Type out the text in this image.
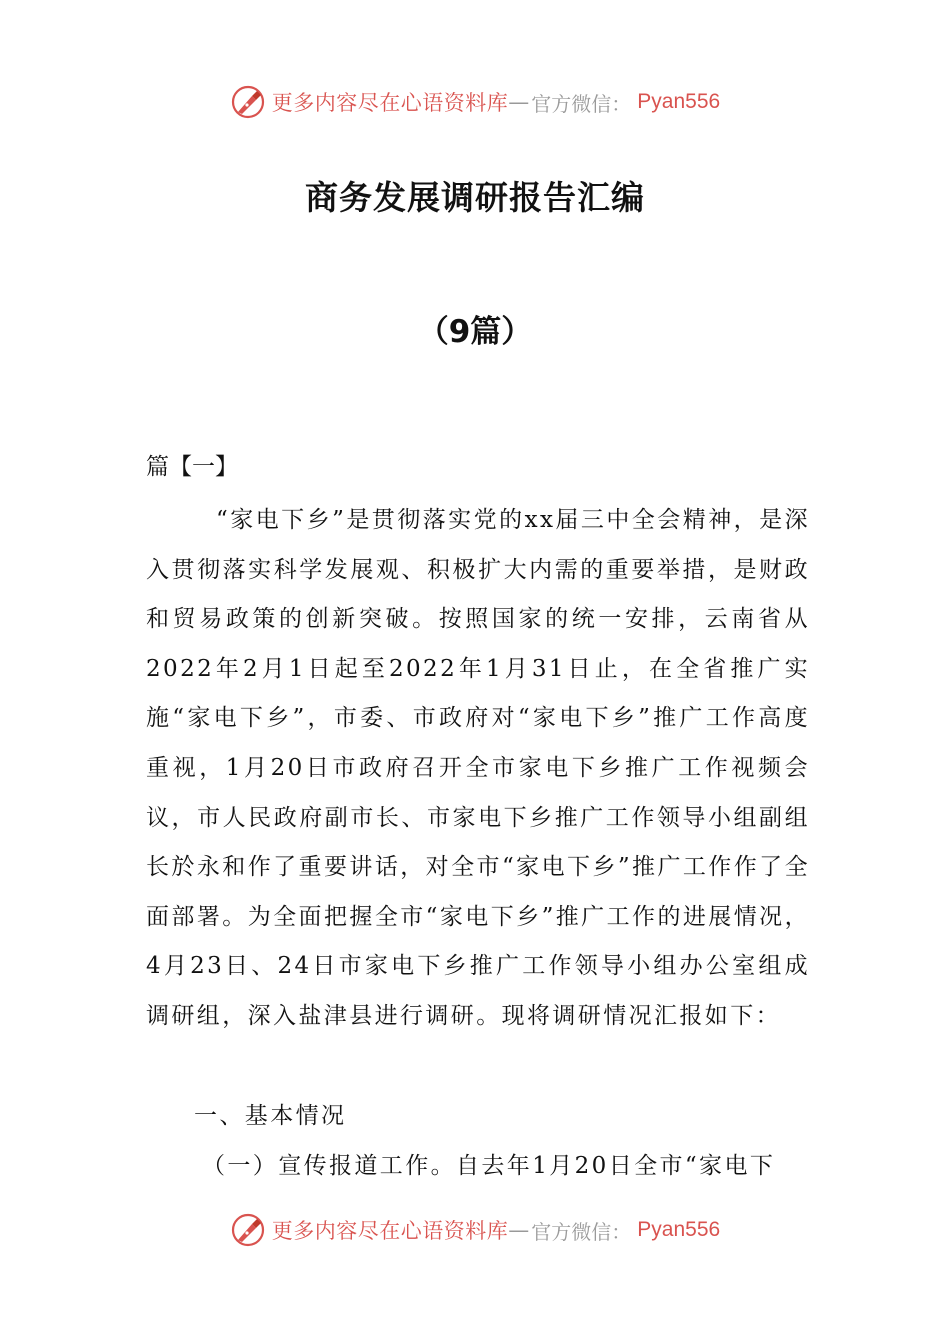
更多内容尽在心语资料库 — 官方微信： Pyan556
商务发展调研报告汇编
（9篇）
篇【一】

“家电下乡”是贯彻落实党的xx届三中全会精神，是深入贯彻落实科学发展观、积极扩大内需的重要举措，是财政和贸易政策的创新突破。按照国家的统一安排，云南省从2022年2月1日起至2022年1月31日止，在全省推广实施“家电下乡”，市委、市政府对“家电下乡”推广工作高度重视，1月20日市政府召开全市家电下乡推广工作视频会议，市人民政府副市长、市家电下乡推广工作领导小组副组长於永和作了重要讲话，对全市“家电下乡”推广工作作了全面部署。为全面把握全市“家电下乡”推广工作的进展情况，4月23日、24日市家电下乡推广工作领导小组办公室组成调研组，深入盐津县进行调研。现将调研情况汇报如下：

一、基本情况

（一）宣传报道工作。自去年1月20日全市“家电下

更多内容尽在心语资料库 — 官方微信： Pyan556
